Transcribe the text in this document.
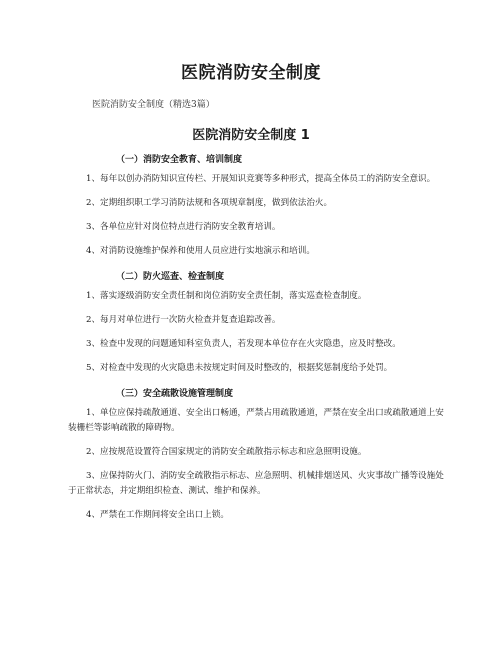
医院消防安全制度

医院消防安全制度（精选3篇）

医院消防安全制度 1

（一）消防安全教育、培训制度

1、每年以创办消防知识宣传栏、开展知识竞赛等多种形式，提高全体员工的消防安全意识。

2、定期组织职工学习消防法规和各项规章制度，做到依法治火。

3、各单位应针对岗位特点进行消防安全教育培训。

4、对消防设施维护保养和使用人员应进行实地演示和培训。

（二）防火巡查、检查制度

1、落实逐级消防安全责任制和岗位消防安全责任制，落实巡查检查制度。

2、每月对单位进行一次防火检查并复查追踪改善。

3、检查中发现的问题通知科室负责人，若发现本单位存在火灾隐患，应及时整改。

5、对检查中发现的火灾隐患未按规定时间及时整改的，根据奖惩制度给予处罚。

（三）安全疏散设施管理制度

1、单位应保持疏散通道、安全出口畅通，严禁占用疏散通道，严禁在安全出口或疏散通道上安装栅栏等影响疏散的障碍物。

2、应按规范设置符合国家规定的消防安全疏散指示标志和应急照明设施。

3、应保持防火门、消防安全疏散指示标志、应急照明、机械排烟送风、火灾事故广播等设施处于正常状态，并定期组织检查、测试、维护和保养。

4、严禁在工作期间将安全出口上锁。
